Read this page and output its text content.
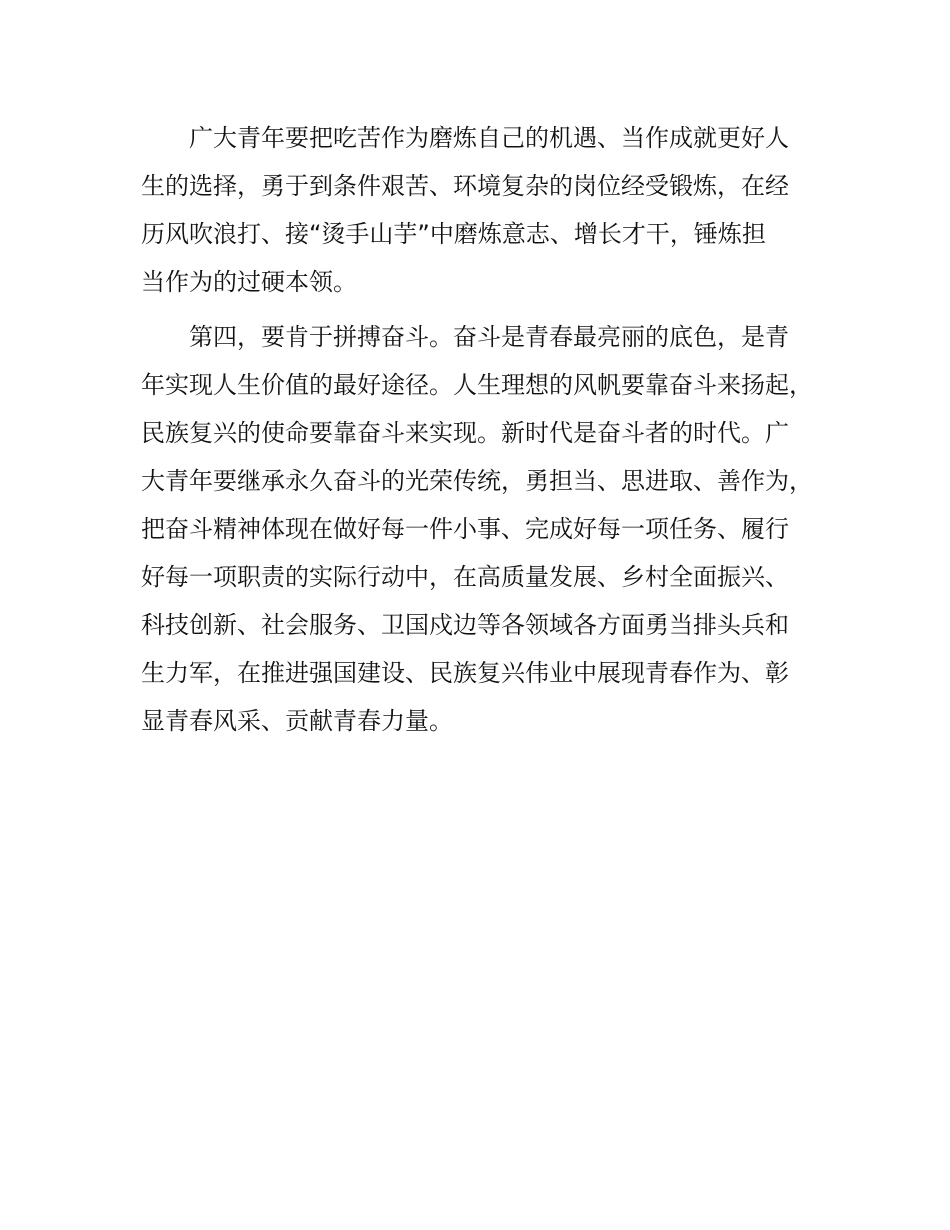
　　广大青年要把吃苦作为磨炼自己的机遇、当作成就更好人
生的选择，勇于到条件艰苦、环境复杂的岗位经受锻炼，在经
历风吹浪打、接“烫手山芋”中磨炼意志、增长才干，锤炼担
当作为的过硬本领。

　　第四，要肯于拼搏奋斗。奋斗是青春最亮丽的底色，是青
年实现人生价值的最好途径。人生理想的风帆要靠奋斗来扬起，
民族复兴的使命要靠奋斗来实现。新时代是奋斗者的时代。广
大青年要继承永久奋斗的光荣传统，勇担当、思进取、善作为，
把奋斗精神体现在做好每一件小事、完成好每一项任务、履行
好每一项职责的实际行动中，在高质量发展、乡村全面振兴、
科技创新、社会服务、卫国戍边等各领域各方面勇当排头兵和
生力军，在推进强国建设、民族复兴伟业中展现青春作为、彰
显青春风采、贡献青春力量。
